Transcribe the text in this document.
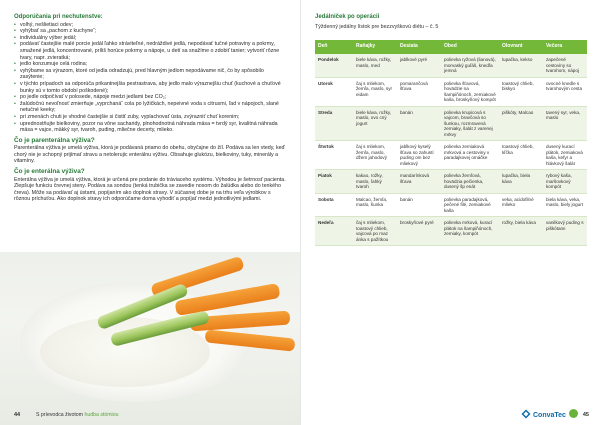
Odporúčania pri nechutenstve:
• volhý, nešlietiaci odev;
• vyhýbať sa „pachom z kuchyne“;
• individuálny výber jedál;
• podávať častejšie malé porcie jedál ľahko stráviteľné, nedráždivé jedlá, nepodávať tučné potraviny a pokrmy, smažené jedlá, koncentrované, príliš horúce pokrmy a nápoje, u detí sa snažíme o zdobiť tanier; vytvoriť rôzne tvary, napr. zvieratká;
• jedlo konzumuje celá rodina;
• vyhýbame sa výrazom, ktoré od jedla odradzujú, pred hlavným jedlom nepodávame nič, čo by spôsobilo zasýtenie;
• v týchto prípadoch sa odporúča prikantnejšia pestrastrava, aby jedlo malo výraznejšiu chuť (kuchové a chuťové bunky sú v tomto období poškodené);
• po jedle odpočívať v polosede, nápoje medzi jedlami bez CO₂;
• žalúdočnú nevoľnosť zmierňuje „vyprchaná“ cola po lyžičkách, nepeivné voda s citrusmi, ľad v nápojoch, slané netučné keeky;
• pri zmenách chuti je vhodné častejšie si čistiť zuby, vyplachovať ústa, zvýrazniť chuť korenim;
• uprednostňujte bielkoviny, pozor na vône sacharidy, plnohodnotná náhrada mäsa = tvrdý syr, kvalitná náhrada mäsa = vajce, mäkký syr, tvaroh, puding, mliečne decerty, mlieko.
Čo je parenterálna výživa?

Parenterálna výživa je umelá výživa, ktorá je podávaná priamo do obehu, obyčajne do žíl. Podáva sa len vtedy, keď chorý nie je schopný prijímať stravu a netolerujic enterálnu výživu. Obsahuje glukózu, bielkoviny, tuky, minerály a vitamíny.

Čo je enterálna výživa?

Enterálna výživa je umelá výživa, ktorá je určená pre podanie do tráviaceho systému. Výhodou je šetrnosť pacienta. Zlepšuje funkciu črevnej steny. Podáva sa sondou (tenká trubička se zavedie nosom do žalúdka alebo do tenkého čreva). Môže sa podávať aj ústami, popíjaním ako doplnok stravy. V súčasnej dobe je na trhu veľa výrobkov s rôznou príchuťou. Ako doplnok stravy ich odporúčame doma vyhodiť a popíjať medzi jednotlivými jedlami.

44	S príevodca životom hudba stómiou
Jedálniček po operácii
Týždenný jedálny lístok pre bezzvyškovú diétu – č. 5
Deň	Raňajky	Desiata	Obed	Olovrant	Večera
Pondelok	biele kávа, rožky, maslo, med	jablkové pyré	polievka ryžová (lianová), morvaský guľáš, knedľa jemná	lupačka, keksо	zapečené cestoviny so tvarohom, nápoj
Utorok	čaj s mliekom, žemľa, maslo, syr eidam	pomarančová šťava	polievka šťavová, hovädzie na šampiňónoch, zemiakové kaša, broskyňový kompót	toastový chlieb, biskyo	ovocné knedle s tvarohovým cesta
Streda	biele kávа, rožky, maslo, ovo cný jogurt	banán	polievka krupicová s vajcom, bravčová so šunkou, rozmravená zemiaky, šalát z varenej mrkvy	piškóty, Malcao	tavený syr, veka, maslo
Štvrtok	čaj s mliekom, žemľa, maslo, džem jahodový	jablkový kyselý šťava so zahustí puding om bez mliekový	polievka zemiaková mrkvová a cestoviny v paradajkovej omáčke	toastový chlieb, kľčka	dusený kurací plátok, zemiaková kaša, kefyr a hlávkový šalát
Piatok	kakao, rožky, maslo, ľahký tvaroh	mandarínková šťava	polievka žemľová, hovädzia pečienka, dusený šp enát	lupačka, biela káva	rybový kaša, maršovkový kompót
Sobota	Malcao, žemľa, maslo, šunka	banán	polievka paradajková, pečené filé, zemiakové kaša	veka, acidofilné mlieko	biela kávа, veka, maslo, biely jogurt
Nedeľa	čaj s mliekom, toastový chlieb, vajcová po maz ánka s pažítkou	broskyňové pyré	polievka mrková, kurací plátok na šampiňónoch, zemiaky, kompót	rožky, biela káva	vanilkový puding s piškótami
ConvaTec	45
